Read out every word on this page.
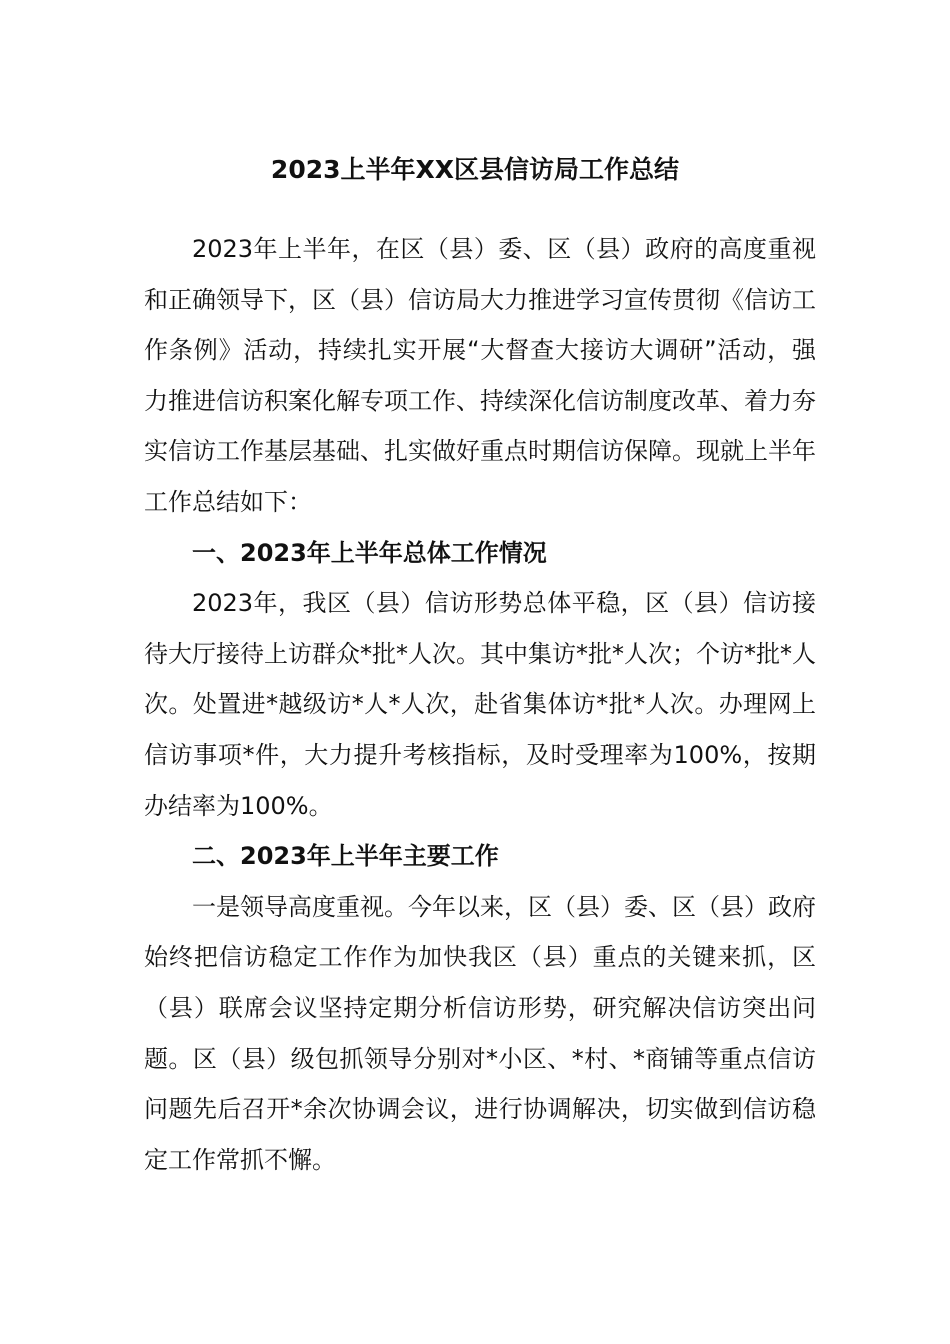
2023上半年XX区县信访局工作总结

2023年上半年，在区（县）委、区（县）政府的高度重视和正确领导下，区（县）信访局大力推进学习宣传贯彻《信访工作条例》活动，持续扎实开展“大督查大接访大调研”活动，强力推进信访积案化解专项工作、持续深化信访制度改革、着力夯实信访工作基层基础、扎实做好重点时期信访保障。现就上半年工作总结如下：

一、2023年上半年总体工作情况

2023年，我区（县）信访形势总体平稳，区（县）信访接待大厅接待上访群众*批*人次。其中集访*批*人次；个访*批*人次。处置进*越级访*人*人次，赴省集体访*批*人次。办理网上信访事项*件，大力提升考核指标，及时受理率为100%，按期办结率为100%。

二、2023年上半年主要工作

一是领导高度重视。今年以来，区（县）委、区（县）政府始终把信访稳定工作作为加快我区（县）重点的关键来抓，区（县）联席会议坚持定期分析信访形势，研究解决信访突出问题。区（县）级包抓领导分别对*小区、*村、*商铺等重点信访问题先后召开*余次协调会议，进行协调解决，切实做到信访稳定工作常抓不懈。
